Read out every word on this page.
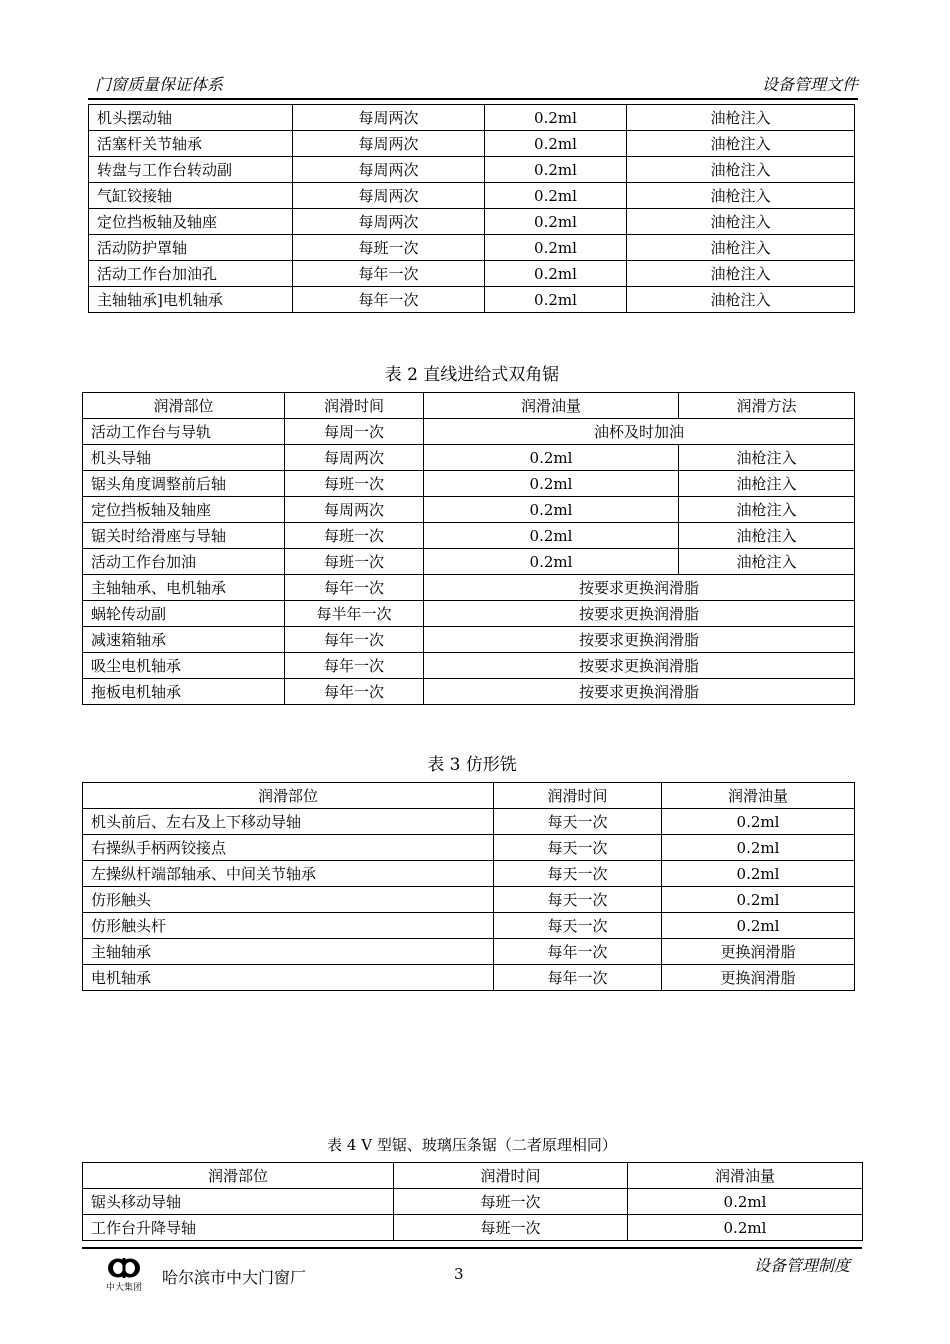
门窗质量保证体系	设备管理文件
机头摆动轴	每周两次	0.2ml	油枪注入
活塞杆关节轴承	每周两次	0.2ml	油枪注入
转盘与工作台转动副	每周两次	0.2ml	油枪注入
气缸铰接轴	每周两次	0.2ml	油枪注入
定位挡板轴及轴座	每周两次	0.2ml	油枪注入
活动防护罩轴	每班一次	0.2ml	油枪注入
活动工作台加油孔	每年一次	0.2ml	油枪注入
主轴轴承]电机轴承	每年一次	0.2ml	油枪注入
表 2 直线进给式双角锯
润滑部位	润滑时间	润滑油量	润滑方法
活动工作台与导轨	每周一次	油杯及时加油	
机头导轴	每周两次	0.2ml	油枪注入
锯头角度调整前后轴	每班一次	0.2ml	油枪注入
定位挡板轴及轴座	每周两次	0.2ml	油枪注入
锯关时给滑座与导轴	每班一次	0.2ml	油枪注入
活动工作台加油	每班一次	0.2ml	油枪注入
主轴轴承、电机轴承	每年一次	按要求更换润滑脂	
蜗轮传动副	每半年一次	按要求更换润滑脂	
减速箱轴承	每年一次	按要求更换润滑脂	
吸尘电机轴承	每年一次	按要求更换润滑脂	
拖板电机轴承	每年一次	按要求更换润滑脂	
表 3 仿形铣
润滑部位	润滑时间	润滑油量
机头前后、左右及上下移动导轴	每天一次	0.2ml
右操纵手柄两铰接点	每天一次	0.2ml
左操纵杆端部轴承、中间关节轴承	每天一次	0.2ml
仿形触头	每天一次	0.2ml
仿形触头杆	每天一次	0.2ml
主轴轴承	每年一次	更换润滑脂
电机轴承	每年一次	更换润滑脂
表 4 V 型锯、玻璃压条锯（二者原理相同）
润滑部位	润滑时间	润滑油量
锯头移动导轴	每班一次	0.2ml
工作台升降导轴	每班一次	0.2ml
中大集团
哈尔滨市中大门窗厂	3	设备管理制度
